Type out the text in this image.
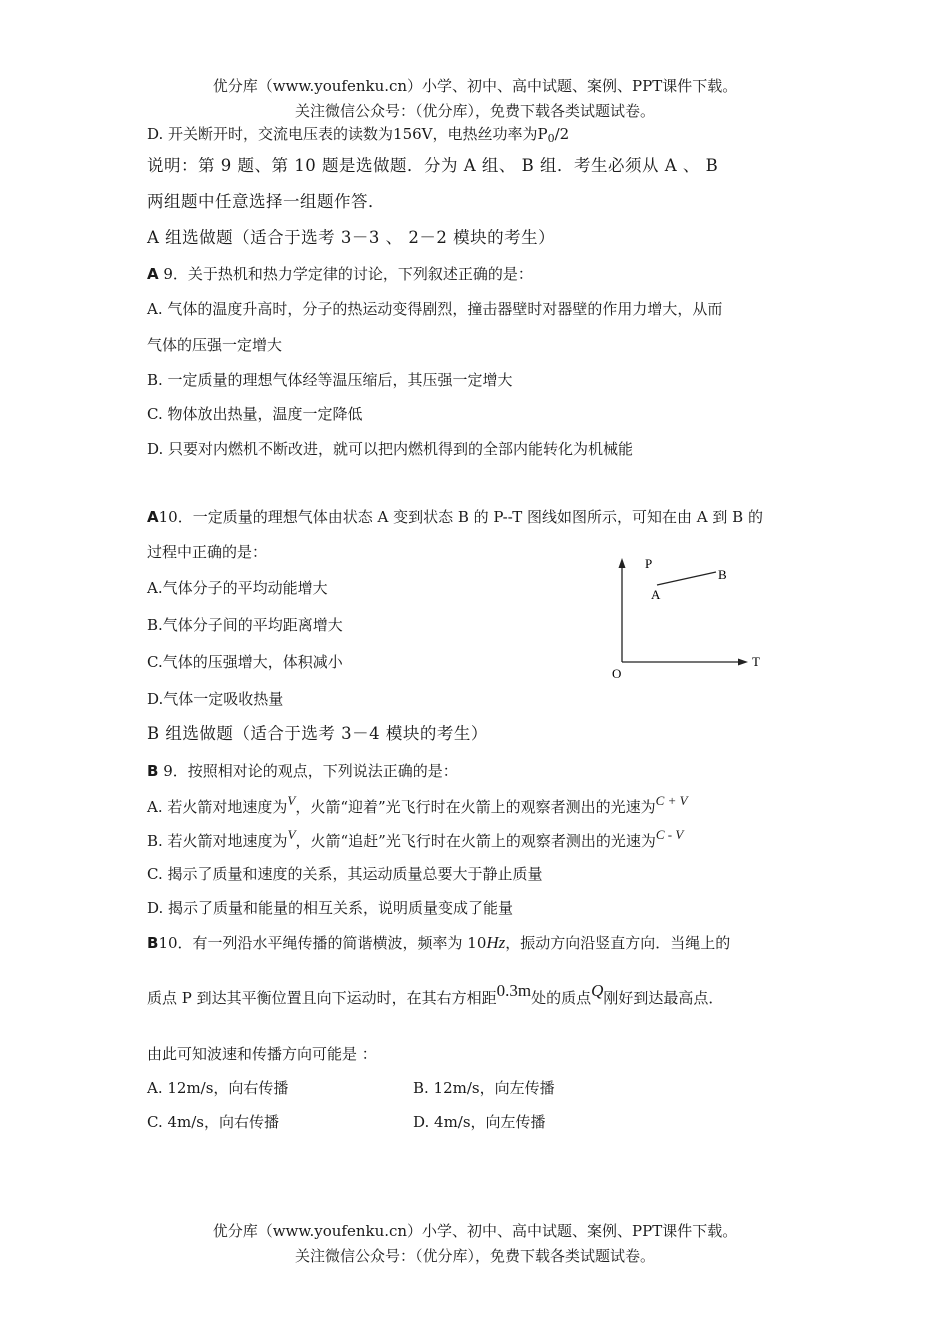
优分库（www.youfenku.cn）小学、初中、高中试题、案例、PPT课件下载。
关注微信公众号：（优分库），免费下载各类试题试卷。
D. 开关断开时，交流电压表的读数为156V，电热丝功率为$P_0/2$
说明：第 9 题、第 10 题是选做题．分为 A 组、 B 组．考生必须从 A 、 B
两组题中任意选择一组题作答．
A 组选做题（适合于选考 3－3 、 2－2 模块的考生）
A 9．关于热机和热力学定律的讨论，下列叙述正确的是：
A. 气体的温度升高时，分子的热运动变得剧烈，撞击器壁时对器壁的作用力增大，从而
气体的压强一定增大
B. 一定质量的理想气体经等温压缩后，其压强一定增大
C. 物体放出热量，温度一定降低
D. 只要对内燃机不断改进，就可以把内燃机得到的全部内能转化为机械能
A10．一定质量的理想气体由状态 A 变到状态 B 的 P--T 图线如图所示，可知在由 A 到 B 的
过程中正确的是：
A.气体分子的平均动能增大
B.气体分子间的平均距离增大
C.气体的压强增大，体积减小
D.气体一定吸收热量
P
T
O
A
B
B 组选做题（适合于选考 3－4 模块的考生）
B 9．按照相对论的观点，下列说法正确的是：
A. 若火箭对地速度为V，火箭“迎着”光飞行时在火箭上的观察者测出的光速为C + V
B. 若火箭对地速度为V，火箭“追赶”光飞行时在火箭上的观察者测出的光速为C - V
C. 揭示了质量和速度的关系，其运动质量总要大于静止质量
D. 揭示了质量和能量的相互关系，说明质量变成了能量
B10．有一列沿水平绳传播的简谐横波，频率为 10Hz，振动方向沿竖直方向．当绳上的
质点 P 到达其平衡位置且向下运动时，在其右方相距0.3m处的质点Q刚好到达最高点．
由此可知波速和传播方向可能是 ：
A. 12m/s，向右传播	B. 12m/s，向左传播
C. 4m/s，向右传播	D. 4m/s，向左传播
优分库（www.youfenku.cn）小学、初中、高中试题、案例、PPT课件下载。
关注微信公众号：（优分库），免费下载各类试题试卷。
